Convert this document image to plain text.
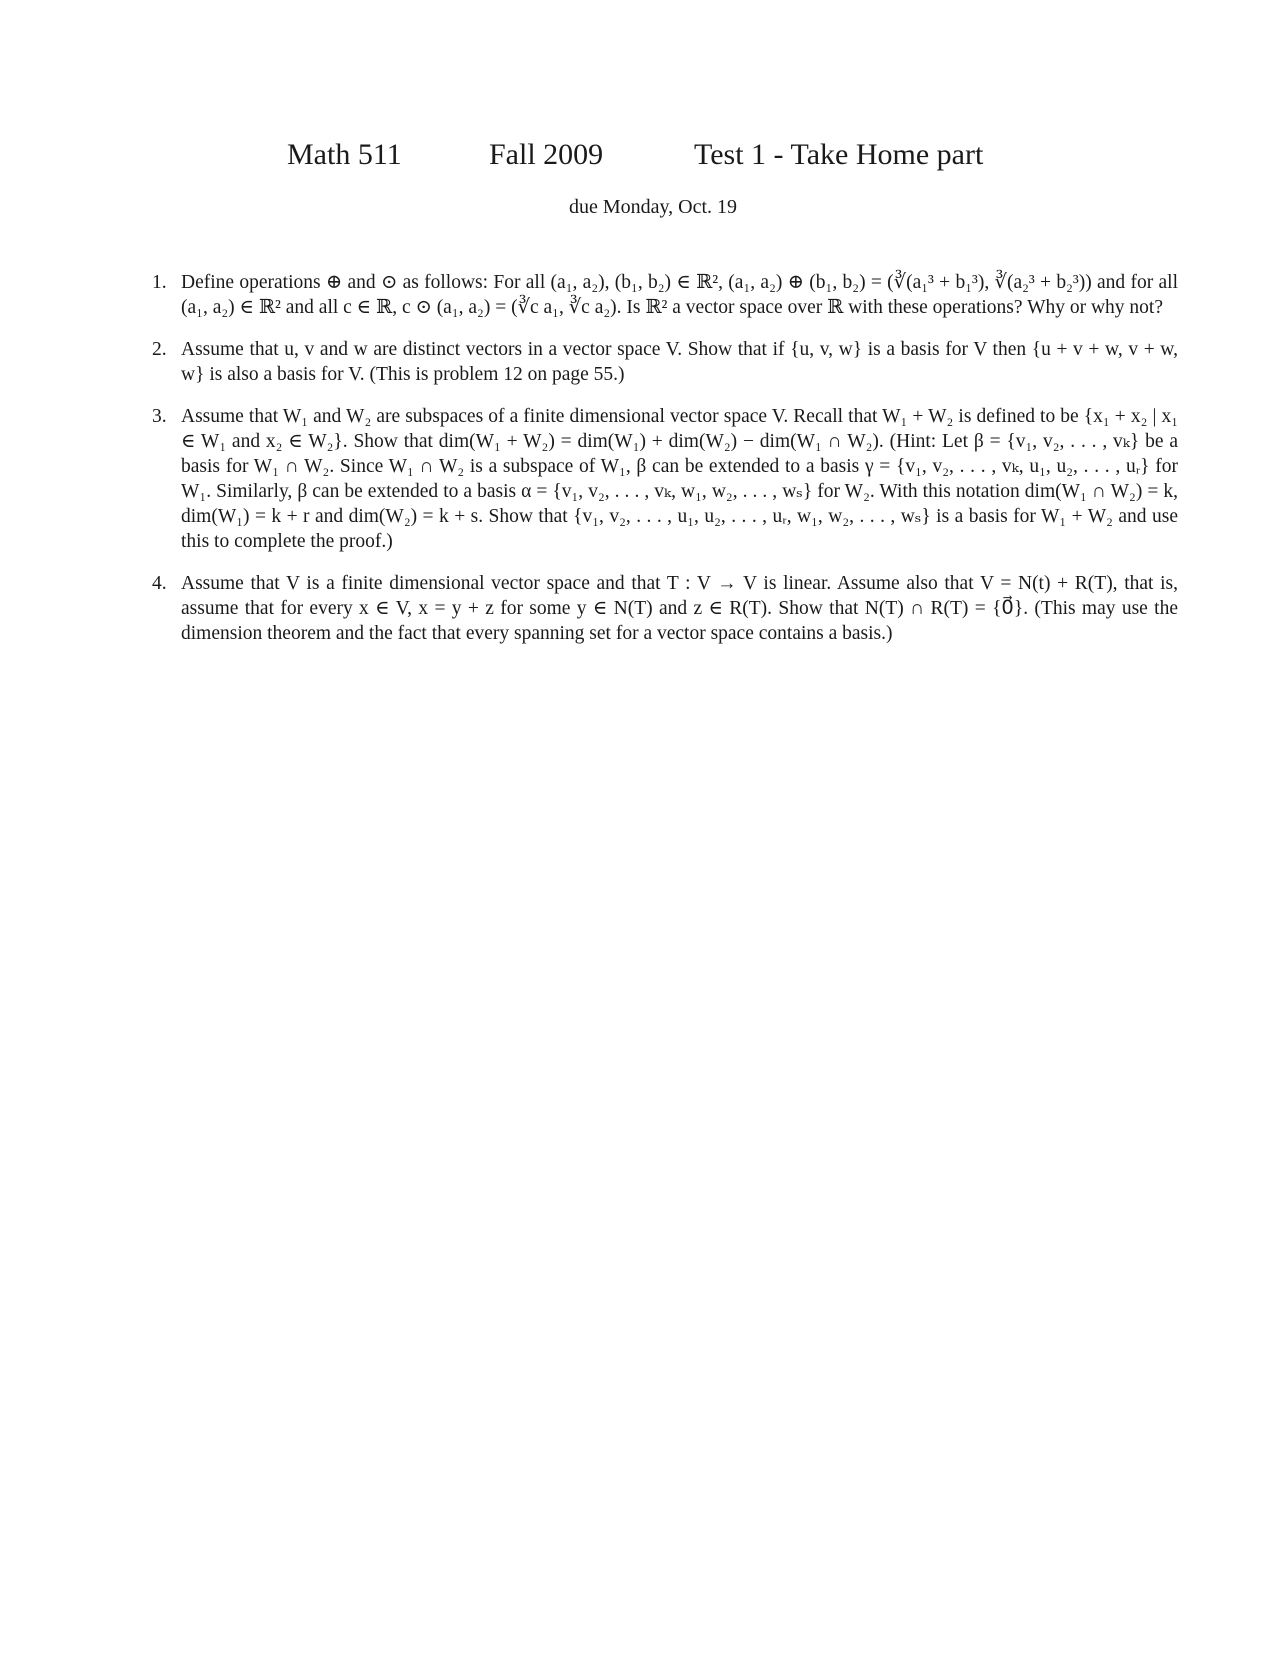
Math 511	Fall 2009	Test 1 - Take Home part
due Monday, Oct. 19
1. Define operations ⊕ and ⊙ as follows: For all (a₁, a₂), (b₁, b₂) ∈ ℝ², (a₁, a₂) ⊕ (b₁, b₂) = (∛(a₁³ + b₁³), ∛(a₂³ + b₂³)) and for all (a₁, a₂) ∈ ℝ² and all c ∈ ℝ, c ⊙ (a₁, a₂) = (∛c a₁, ∛c a₂). Is ℝ² a vector space over ℝ with these operations? Why or why not?
2. Assume that u, v and w are distinct vectors in a vector space V. Show that if {u, v, w} is a basis for V then {u + v + w, v + w, w} is also a basis for V. (This is problem 12 on page 55.)
3. Assume that W₁ and W₂ are subspaces of a finite dimensional vector space V. Recall that W₁ + W₂ is defined to be {x₁ + x₂ | x₁ ∈ W₁ and x₂ ∈ W₂}. Show that dim(W₁ + W₂) = dim(W₁) + dim(W₂) − dim(W₁ ∩ W₂). (Hint: Let β = {v₁, v₂, . . . , vₖ} be a basis for W₁ ∩ W₂. Since W₁ ∩ W₂ is a subspace of W₁, β can be extended to a basis γ = {v₁, v₂, . . . , vₖ, u₁, u₂, . . . , uᵣ} for W₁. Similarly, β can be extended to a basis α = {v₁, v₂, . . . , vₖ, w₁, w₂, . . . , wₛ} for W₂. With this notation dim(W₁ ∩ W₂) = k, dim(W₁) = k + r and dim(W₂) = k + s. Show that {v₁, v₂, . . . , u₁, u₂, . . . , uᵣ, w₁, w₂, . . . , wₛ} is a basis for W₁ + W₂ and use this to complete the proof.)
4. Assume that V is a finite dimensional vector space and that T : V → V is linear. Assume also that V = N(t) + R(T), that is, assume that for every x ∈ V, x = y + z for some y ∈ N(T) and z ∈ R(T). Show that N(T) ∩ R(T) = {0⃗}. (This may use the dimension theorem and the fact that every spanning set for a vector space contains a basis.)
